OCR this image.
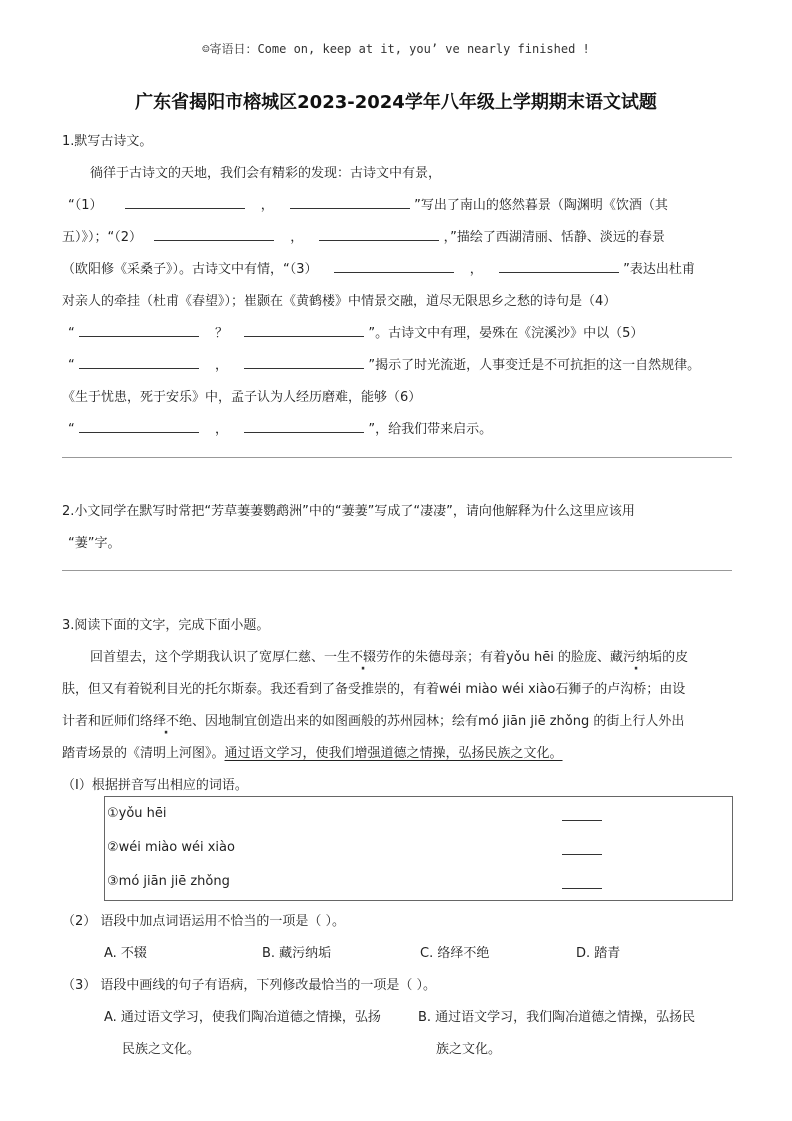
☺寄语日：Come on, keep at it, you’ ve nearly finished !
广东省揭阳市榕城区2023-2024学年八年级上学期期末语文试题
1.默写古诗文。
徜徉于古诗文的天地，我们会有精彩的发现：古诗文中有景，
“（1）	，	”写出了南山的悠然暮景（陶渊明《饮酒（其
五）》）；“（2）	，	，”描绘了西湖清丽、恬静、淡远的春景
（欧阳修《采桑子》）。古诗文中有情，“（3）	，	”表达出杜甫
对亲人的牵挂（杜甫《春望》）；崔颢在《黄鹤楼》中情景交融，道尽无限思乡之愁的诗句是（4）
“	？	”。古诗文中有理，晏殊在《浣溪沙》中以（5）
“	，	”揭示了时光流逝，人事变迁是不可抗拒的这一自然规律。
《生于忧患，死于安乐》中，孟子认为人经历磨难，能够（6）
“	，	”，给我们带来启示。
2.小文同学在默写时常把“芳草萋萋鹦鹉洲”中的“萋萋”写成了“凄凄”，请向他解释为什么这里应该用
“萋”字。
3.阅读下面的文字，完成下面小题。
回首望去，这个学期我认识了宽厚仁慈、一生不辍劳作的朱德母亲；有着yǒu hēi 的脸庞、藏污纳垢的皮
肤，但又有着锐利目光的托尔斯泰。我还看到了备受推崇的，有着wéi miào wéi xiào石狮子的卢沟桥；由设
计者和匠师们络绎不绝、因地制宜创造出来的如图画般的苏州园林；绘有mó jiān jiē zhǒng 的街上行人外出
踏青场景的《清明上河图》。通过语文学习，使我们增强道德之情操，弘扬民族之文化。
（Ⅰ）根据拼音写出相应的词语。
①yǒu hēi
②wéi miào wéi xiào
③mó jiān jiē zhǒng
（2） 语段中加点词语运用不恰当的一项是（ ）。
A. 不辍	B. 藏污纳垢	C. 络绎不绝	D. 踏青
（3） 语段中画线的句子有语病，下列修改最恰当的一项是（ ）。
A. 通过语文学习，使我们陶冶道德之情操，弘扬
民族之文化。
B. 通过语文学习，我们陶冶道德之情操，弘扬民
族之文化。
